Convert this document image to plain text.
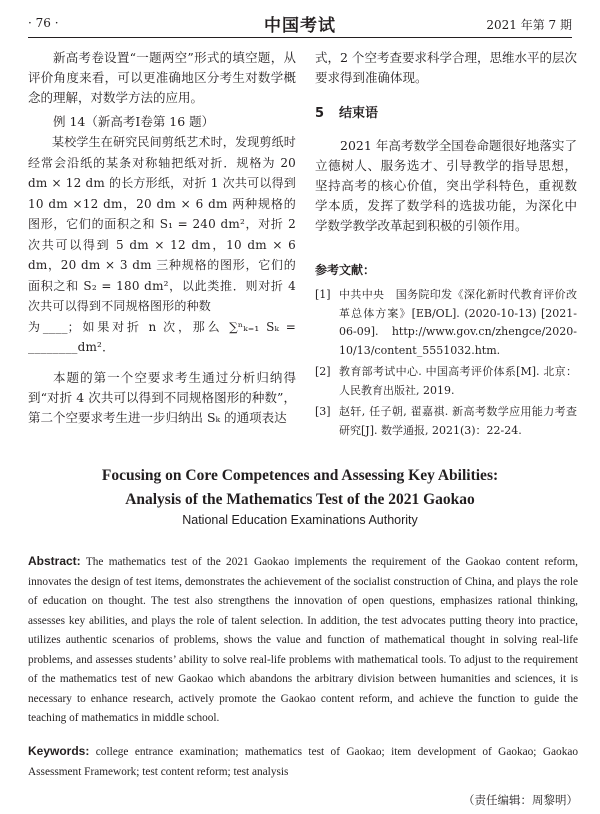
· 76 ·	中国考试	2021 年第 7 期

新高考卷设置“一题两空”形式的填空题，从评价角度来看，可以更准确地区分考生对数学概念的理解，对数学方法的应用。

例 14（新高考Ⅰ卷第 16 题）

某校学生在研究民间剪纸艺术时，发现剪纸时经常会沿纸的某条对称轴把纸对折．规格为 20 dm × 12 dm 的长方形纸，对折 1 次共可以得到 10 dm ×12 dm，20 dm × 6 dm 两种规格的图形，它们的面积之和 S₁ = 240 dm²，对折 2 次共可以得到 5 dm × 12 dm，10 dm × 6 dm，20 dm × 3 dm 三种规格的图形，它们的面积之和 S₂ = 180 dm²，以此类推．则对折 4 次共可以得到不同规格图形的种数

为____；如果对折 n 次，那么 ∑ⁿₖ₌₁ Sₖ = ________dm²．

本题的第一个空要求考生通过分析归纳得到“对折 4 次共可以得到不同规格图形的种数”，第二个空要求考生进一步归纳出 Sₖ 的通项表达

式，2 个空考查要求科学合理，思维水平的层次要求得到准确体现。

5 结束语

2021 年高考数学全国卷命题很好地落实了立德树人、服务选才、引导教学的指导思想，坚持高考的核心价值，突出学科特色，重视数学本质，发挥了数学科的选拔功能，为深化中学数学教学改革起到积极的引领作用。

参考文献：
[1] 中共中央　国务院印发《深化新时代教育评价改革总体方案》[EB/OL]. (2020-10-13) [2021-06-09]. http://www.gov.cn/zhengce/2020-10/13/content_5551032.htm.
[2] 教育部考试中心. 中国高考评价体系[M]. 北京：人民教育出版社, 2019.
[3] 赵轩, 任子朝, 翟嘉祺. 新高考数学应用能力考查研究[J]. 数学通报, 2021(3)：22-24.
Focusing on Core Competences and Assessing Key Abilities:
Analysis of the Mathematics Test of the 2021 Gaokao
National Education Examinations Authority
Abstract: The mathematics test of the 2021 Gaokao implements the requirement of the Gaokao content reform, innovates the design of test items, demonstrates the achievement of the socialist construction of China, and plays the role of education on thought. The test also strengthens the innovation of open questions, emphasizes rational thinking, assesses key abilities, and plays the role of talent selection. In addition, the test advocates putting theory into practice, utilizes authentic scenarios of problems, shows the value and function of mathematical thought in solving real-life problems, and assesses students’ ability to solve real-life problems with mathematical tools. To adjust to the requirement of the mathematics test of new Gaokao which abandons the arbitrary division between humanities and sciences, it is necessary to enhance research, actively promote the Gaokao content reform, and achieve the function to guide the teaching of mathematics in middle school.
Keywords: college entrance examination; mathematics test of Gaokao; item development of Gaokao; Gaokao Assessment Framework; test content reform; test analysis
（责任编辑：周黎明）
